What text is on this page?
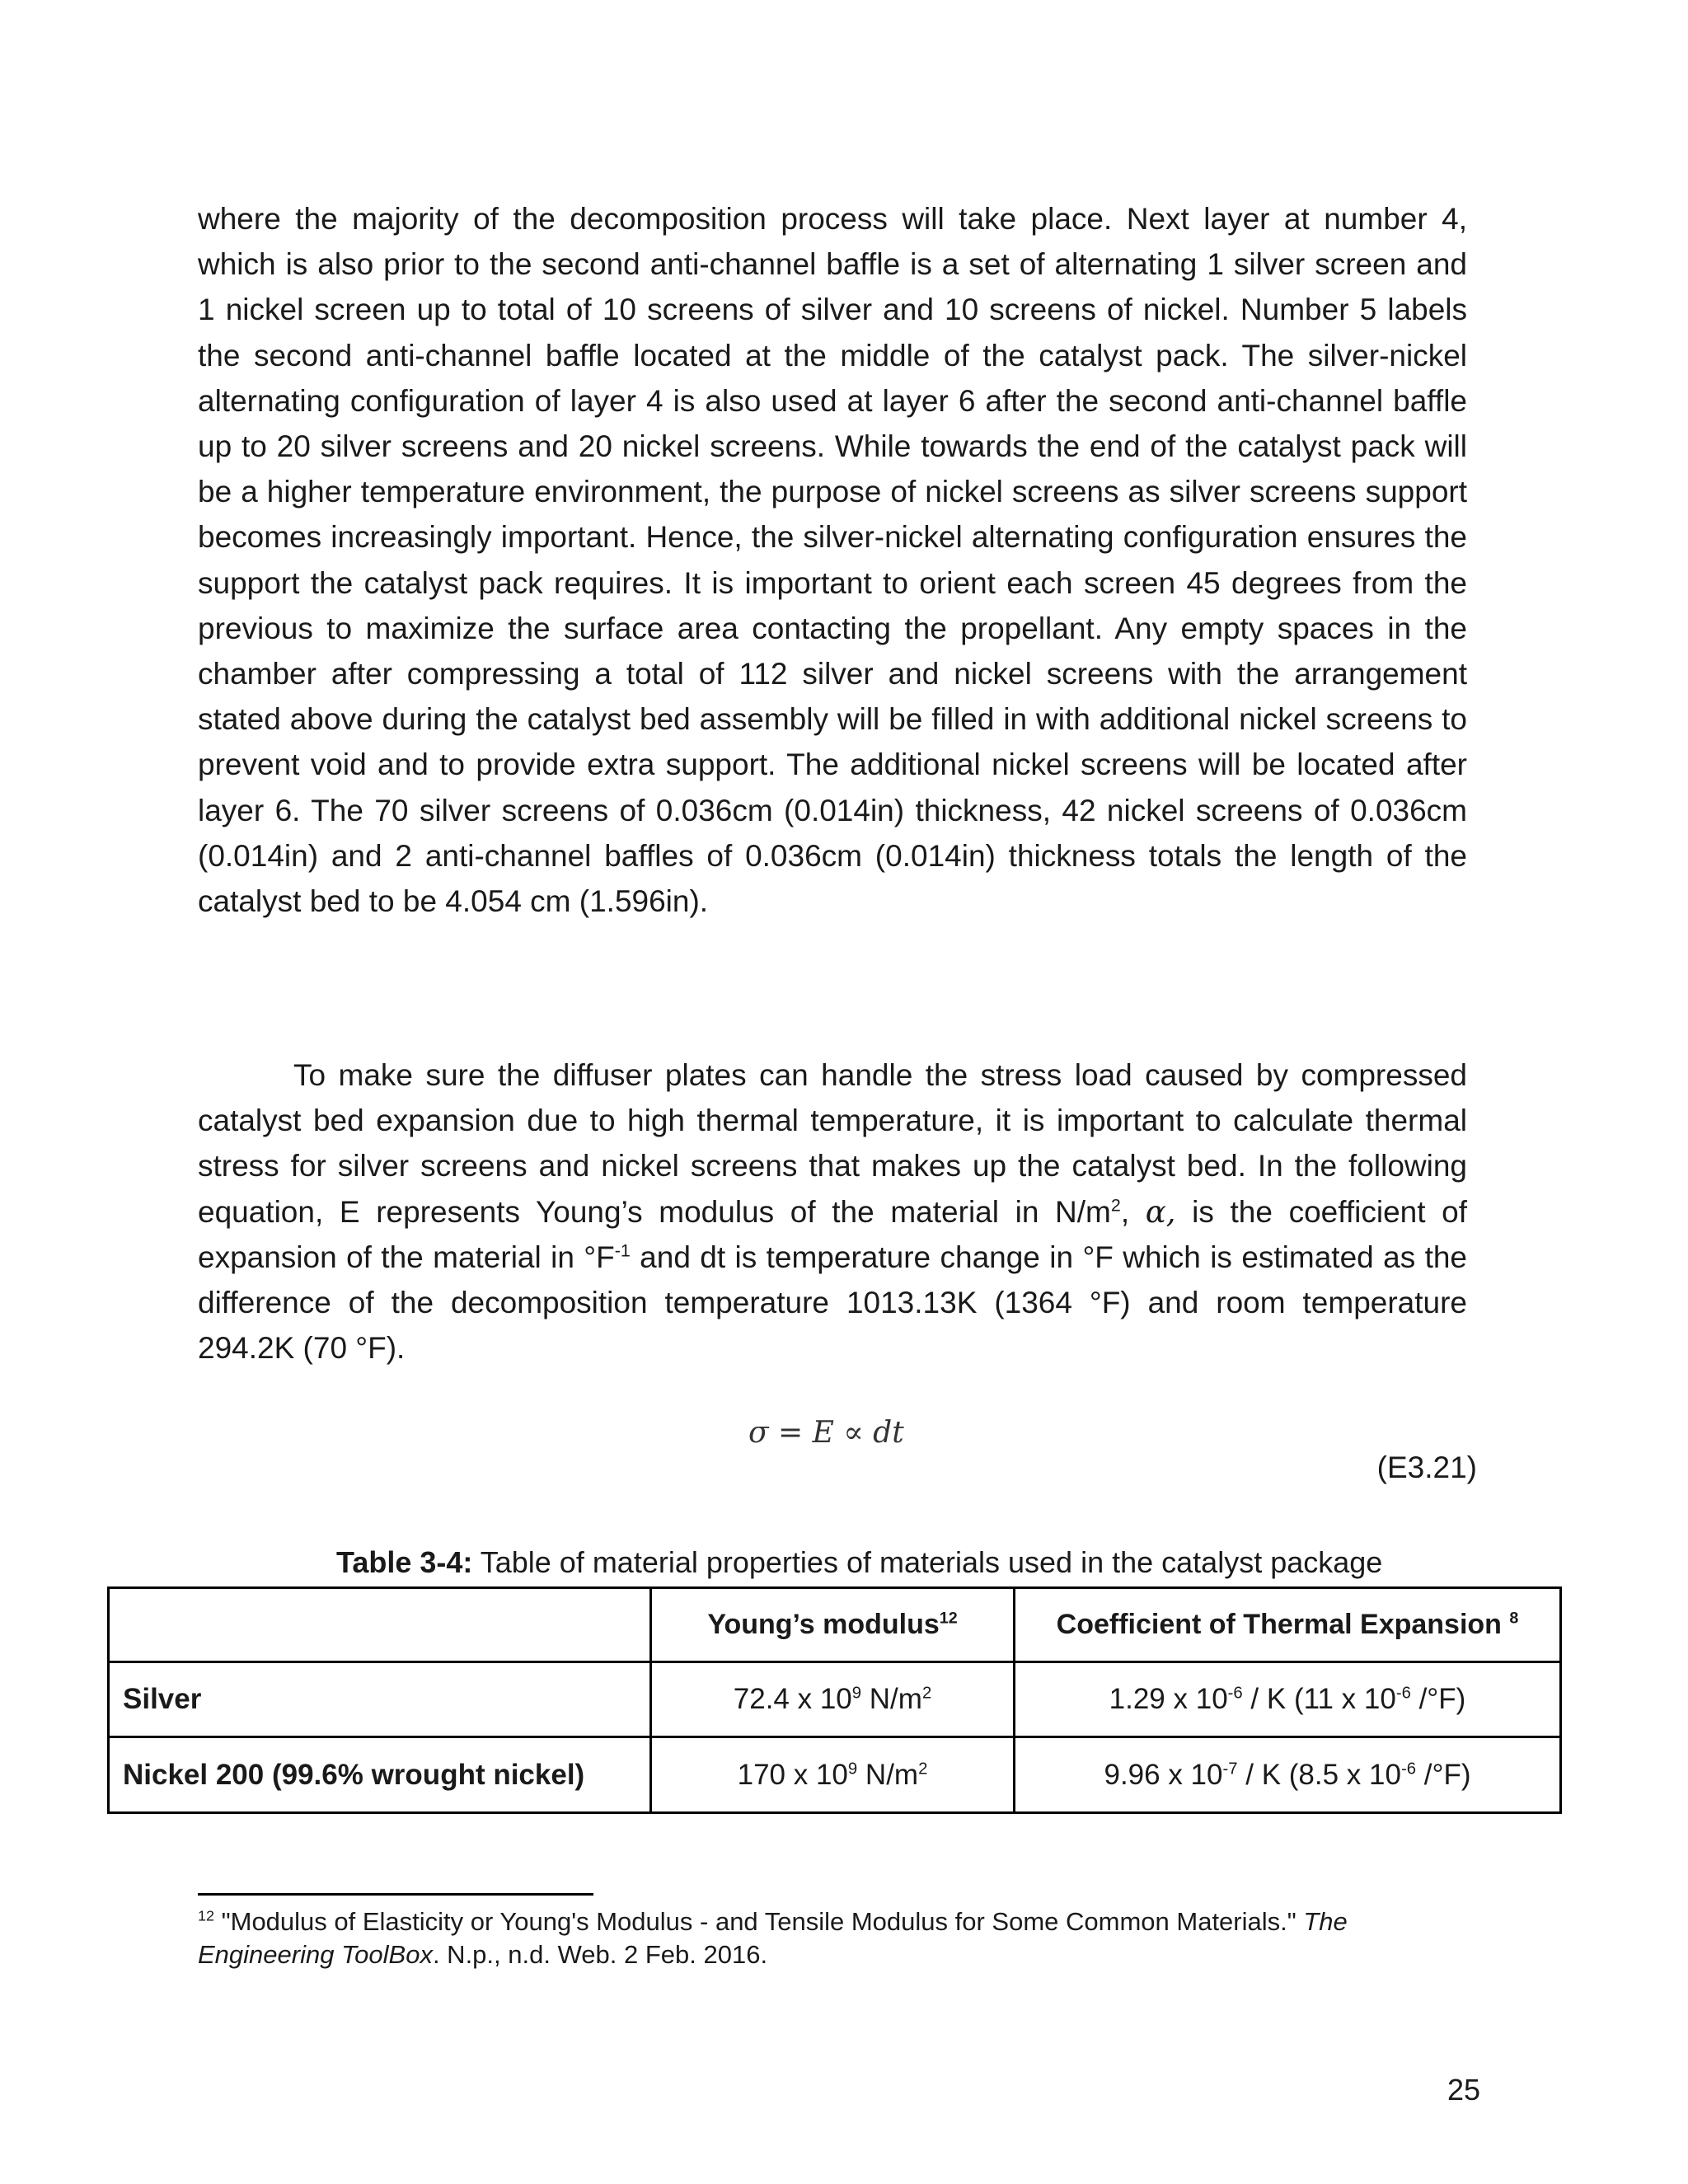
where the majority of the decomposition process will take place. Next layer at number 4, which is also prior to the second anti-channel baffle is a set of alternating 1 silver screen and 1 nickel screen up to total of 10 screens of silver and 10 screens of nickel. Number 5 labels the second anti-channel baffle located at the middle of the catalyst pack. The silver-nickel alternating configuration of layer 4 is also used at layer 6 after the second anti-channel baffle up to 20 silver screens and 20 nickel screens. While towards the end of the catalyst pack will be a higher temperature environment, the purpose of nickel screens as silver screens support becomes increasingly important. Hence, the silver-nickel alternating configuration ensures the support the catalyst pack requires. It is important to orient each screen 45 degrees from the previous to maximize the surface area contacting the propellant. Any empty spaces in the chamber after compressing a total of 112 silver and nickel screens with the arrangement stated above during the catalyst bed assembly will be filled in with additional nickel screens to prevent void and to provide extra support. The additional nickel screens will be located after layer 6. The 70 silver screens of 0.036cm (0.014in) thickness, 42 nickel screens of 0.036cm (0.014in) and 2 anti-channel baffles of 0.036cm (0.014in) thickness totals the length of the catalyst bed to be 4.054 cm (1.596in).

To make sure the diffuser plates can handle the stress load caused by compressed catalyst bed expansion due to high thermal temperature, it is important to calculate thermal stress for silver screens and nickel screens that makes up the catalyst bed. In the following equation, E represents Young’s modulus of the material in $N/m^2$, α, is the coefficient of expansion of the material in $^\circ F^{-1}$ and dt is temperature change in °F which is estimated as the difference of the decomposition temperature 1013.13K (1364 °F) and room temperature 294.2K (70 °F).

σ = E ∝ dt
(E3.21)
Table 3-4: Table of material properties of materials used in the catalyst package
	Young’s modulus$^{12}$	Coefficient of Thermal Expansion $^8$
Silver	72.4 x $10^9$ $N/m^2$	1.29 x $10^{-6}$ / K (11 x $10^{-6}$ /°F)
Nickel 200 (99.6% wrought nickel)	170 x $10^9$ $N/m^2$	9.96 x $10^{-7}$ / K (8.5 x $10^{-6}$ /°F)
$^{12}$ "Modulus of Elasticity or Young's Modulus - and Tensile Modulus for Some Common Materials." The Engineering ToolBox. N.p., n.d. Web. 2 Feb. 2016.
25
